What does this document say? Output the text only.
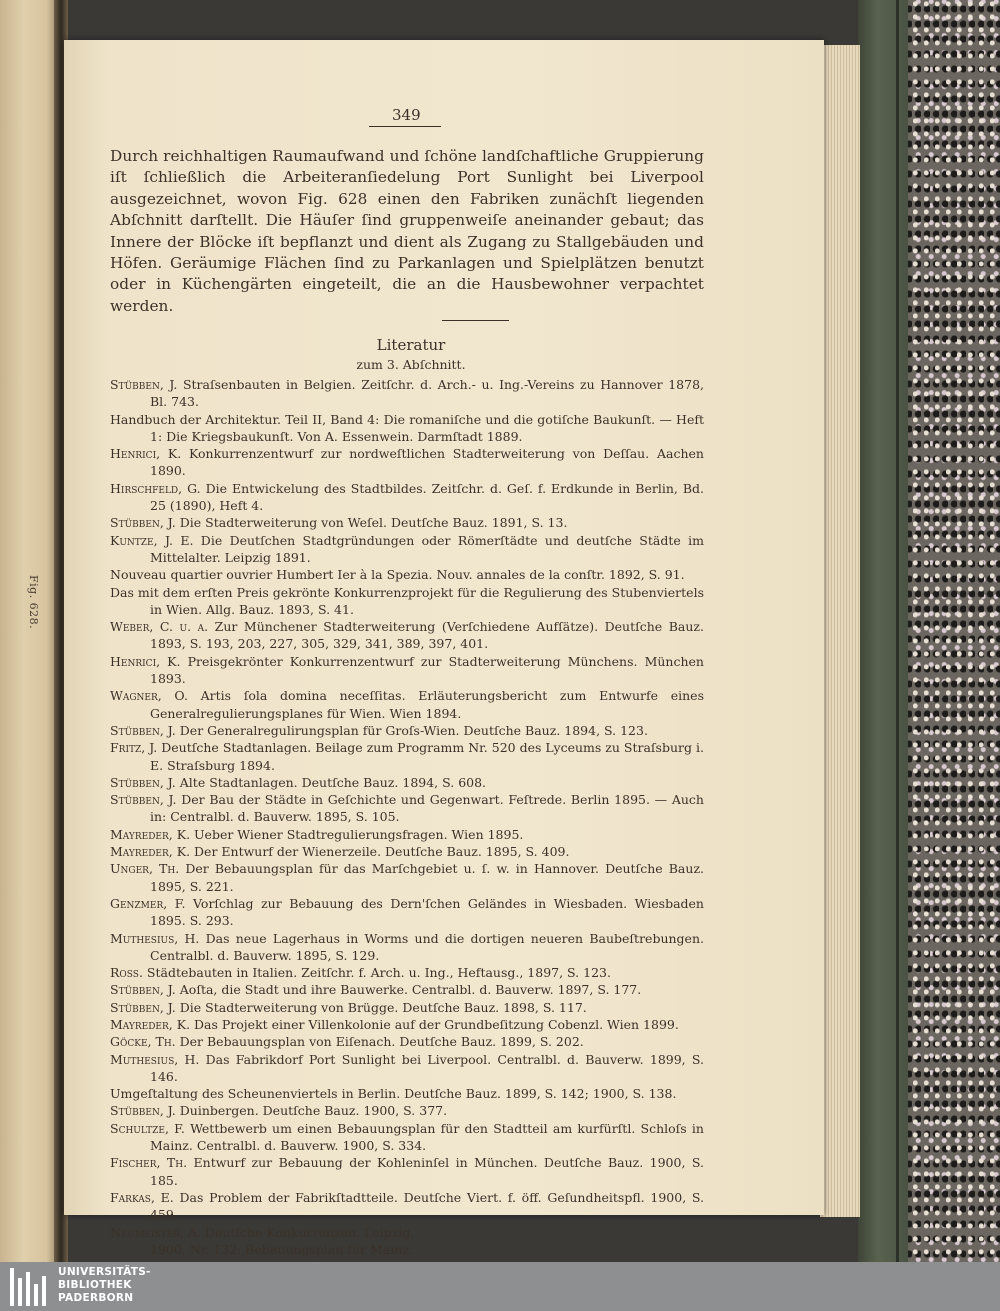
Fig. 628.
349
Durch reichhaltigen Raumaufwand und ſchöne landſchaftliche Gruppierung iſt ſchließlich die Arbeiteranſiedelung Port Sunlight bei Liverpool ausgezeichnet, wovon Fig. 628 einen den Fabriken zunächſt liegenden Abſchnitt darſtellt. Die Häuſer ſind gruppenweiſe aneinander gebaut; das Innere der Blöcke iſt bepflanzt und dient als Zugang zu Stallgebäuden und Höfen. Geräumige Flächen ſind zu Parkanlagen und Spielplätzen benutzt oder in Küchengärten eingeteilt, die an die Hausbewohner verpachtet werden.
Literatur
zum 3. Abſchnitt.

Stübben, J. Straſsenbauten in Belgien. Zeitſchr. d. Arch.- u. Ing.-Vereins zu Hannover 1878, Bl. 743.

Handbuch der Architektur. Teil II, Band 4: Die romaniſche und die gotiſche Baukunſt. — Heft 1: Die Kriegsbaukunſt. Von A. Essenwein. Darmſtadt 1889.

Henrici, K. Konkurrenzentwurf zur nordweſtlichen Stadterweiterung von Deſſau. Aachen 1890.

Hirschfeld, G. Die Entwickelung des Stadtbildes. Zeitſchr. d. Geſ. f. Erdkunde in Berlin, Bd. 25 (1890), Heft 4.

Stübben, J. Die Stadterweiterung von Weſel. Deutſche Bauz. 1891, S. 13.

Kuntze, J. E. Die Deutſchen Stadtgründungen oder Römerſtädte und deutſche Städte im Mittelalter. Leipzig 1891.

Nouveau quartier ouvrier Humbert Ier à la Spezia. Nouv. annales de la conſtr. 1892, S. 91.

Das mit dem erſten Preis gekrönte Konkurrenzprojekt für die Regulierung des Stubenviertels in Wien. Allg. Bauz. 1893, S. 41.

Weber, C. u. a. Zur Münchener Stadterweiterung (Verſchiedene Aufſätze). Deutſche Bauz. 1893, S. 193, 203, 227, 305, 329, 341, 389, 397, 401.

Henrici, K. Preisgekrönter Konkurrenzentwurf zur Stadterweiterung Münchens. München 1893.

Wagner, O. Artis ſola domina neceſſitas. Erläuterungsbericht zum Entwurfe eines Generalregulierungsplanes für Wien. Wien 1894.

Stübben, J. Der Generalregulirungsplan für Groſs-Wien. Deutſche Bauz. 1894, S. 123.

Fritz, J. Deutſche Stadtanlagen. Beilage zum Programm Nr. 520 des Lyceums zu Straſsburg i. E. Straſsburg 1894.

Stübben, J. Alte Stadtanlagen. Deutſche Bauz. 1894, S. 608.

Stübben, J. Der Bau der Städte in Geſchichte und Gegenwart. Feſtrede. Berlin 1895. — Auch in: Centralbl. d. Bauverw. 1895, S. 105.

Mayreder, K. Ueber Wiener Stadtregulierungsfragen. Wien 1895.

Mayreder, K. Der Entwurf der Wienerzeile. Deutſche Bauz. 1895, S. 409.

Unger, Th. Der Bebauungsplan für das Marſchgebiet u. ſ. w. in Hannover. Deutſche Bauz. 1895, S. 221.

Genzmer, F. Vorſchlag zur Bebauung des Dern'ſchen Geländes in Wiesbaden. Wiesbaden 1895. S. 293.

Muthesius, H. Das neue Lagerhaus in Worms und die dortigen neueren Baubeſtrebungen. Centralbl. d. Bauverw. 1895, S. 129.

Ross. Städtebauten in Italien. Zeitſchr. f. Arch. u. Ing., Heftausg., 1897, S. 123.

Stübben, J. Aoſta, die Stadt und ihre Bauwerke. Centralbl. d. Bauverw. 1897, S. 177.

Stübben, J. Die Stadterweiterung von Brügge. Deutſche Bauz. 1898, S. 117.

Mayreder, K. Das Projekt einer Villenkolonie auf der Grundbeſitzung Cobenzl. Wien 1899.

Göcke, Th. Der Bebauungsplan von Eiſenach. Deutſche Bauz. 1899, S. 202.

Muthesius, H. Das Fabrikdorf Port Sunlight bei Liverpool. Centralbl. d. Bauverw. 1899, S. 146.

Umgeſtaltung des Scheunenviertels in Berlin. Deutſche Bauz. 1899, S. 142; 1900, S. 138.

Stübben, J. Duinbergen. Deutſche Bauz. 1900, S. 377.

Schultze, F. Wettbewerb um einen Bebauungsplan für den Stadtteil am kurfürſtl. Schloſs in Mainz. Centralbl. d. Bauverw. 1900, S. 334.

Fischer, Th. Entwurf zur Bebauung der Kohleninſel in München. Deutſche Bauz. 1900, S. 185.

Farkas, E. Das Problem der Fabrikſtadtteile. Deutſche Viert. f. öff. Geſundheitspfl. 1900, S. 459.

Neumeister, A. Deutſche Konkurrenzen. Leipzig.

1900, Nr. 132: Bebauungsplan für Mainz.

UNIVERSITÄTS-
BIBLIOTHEK
PADERBORN
